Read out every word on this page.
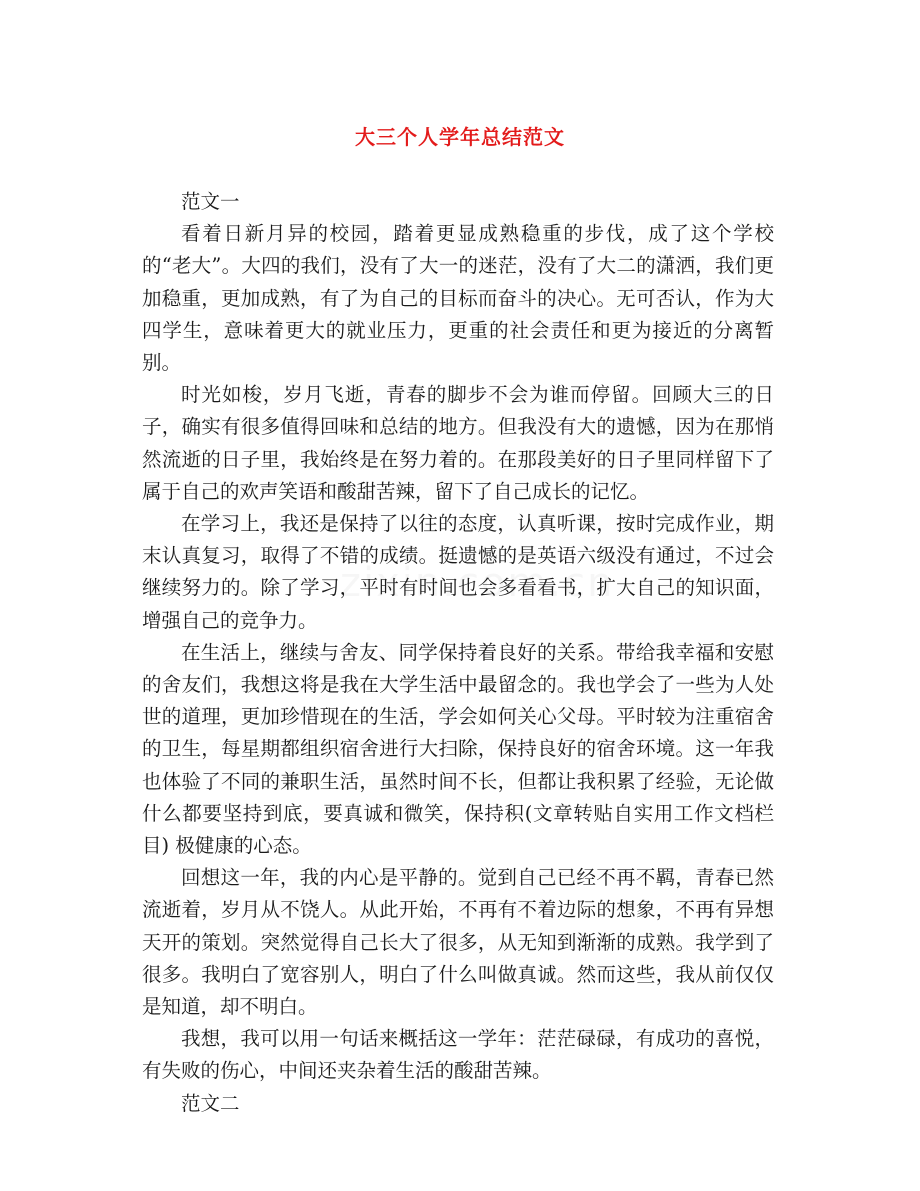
大三个人学年总结范文

范文一

看着日新月异的校园，踏着更显成熟稳重的步伐，成了这个学校的“老大”。大四的我们，没有了大一的迷茫，没有了大二的潇洒，我们更加稳重，更加成熟，有了为自己的目标而奋斗的决心。无可否认，作为大四学生，意味着更大的就业压力，更重的社会责任和更为接近的分离暂别。

时光如梭，岁月飞逝，青春的脚步不会为谁而停留。回顾大三的日子，确实有很多值得回味和总结的地方。但我没有大的遗憾，因为在那悄然流逝的日子里，我始终是在努力着的。在那段美好的日子里同样留下了属于自己的欢声笑语和酸甜苦辣，留下了自己成长的记忆。

在学习上，我还是保持了以往的态度，认真听课，按时完成作业，期末认真复习，取得了不错的成绩。挺遗憾的是英语六级没有通过，不过会继续努力的。除了学习，平时有时间也会多看看书，扩大自己的知识面，增强自己的竞争力。

在生活上，继续与舍友、同学保持着良好的关系。带给我幸福和安慰的舍友们，我想这将是我在大学生活中最留念的。我也学会了一些为人处世的道理，更加珍惜现在的生活，学会如何关心父母。平时较为注重宿舍的卫生，每星期都组织宿舍进行大扫除，保持良好的宿舍环境。这一年我也体验了不同的兼职生活，虽然时间不长，但都让我积累了经验，无论做什么都要坚持到底，要真诚和微笑，保持积(文章转贴自实用工作文档栏目) 极健康的心态。

回想这一年，我的内心是平静的。觉到自己已经不再不羁，青春已然流逝着，岁月从不饶人。从此开始，不再有不着边际的想象，不再有异想天开的策划。突然觉得自己长大了很多，从无知到渐渐的成熟。我学到了很多。我明白了宽容别人，明白了什么叫做真诚。然而这些，我从前仅仅是知道，却不明白。

我想，我可以用一句话来概括这一学年：茫茫碌碌，有成功的喜悦，有失败的伤心，中间还夹杂着生活的酸甜苦辣。

范文二
